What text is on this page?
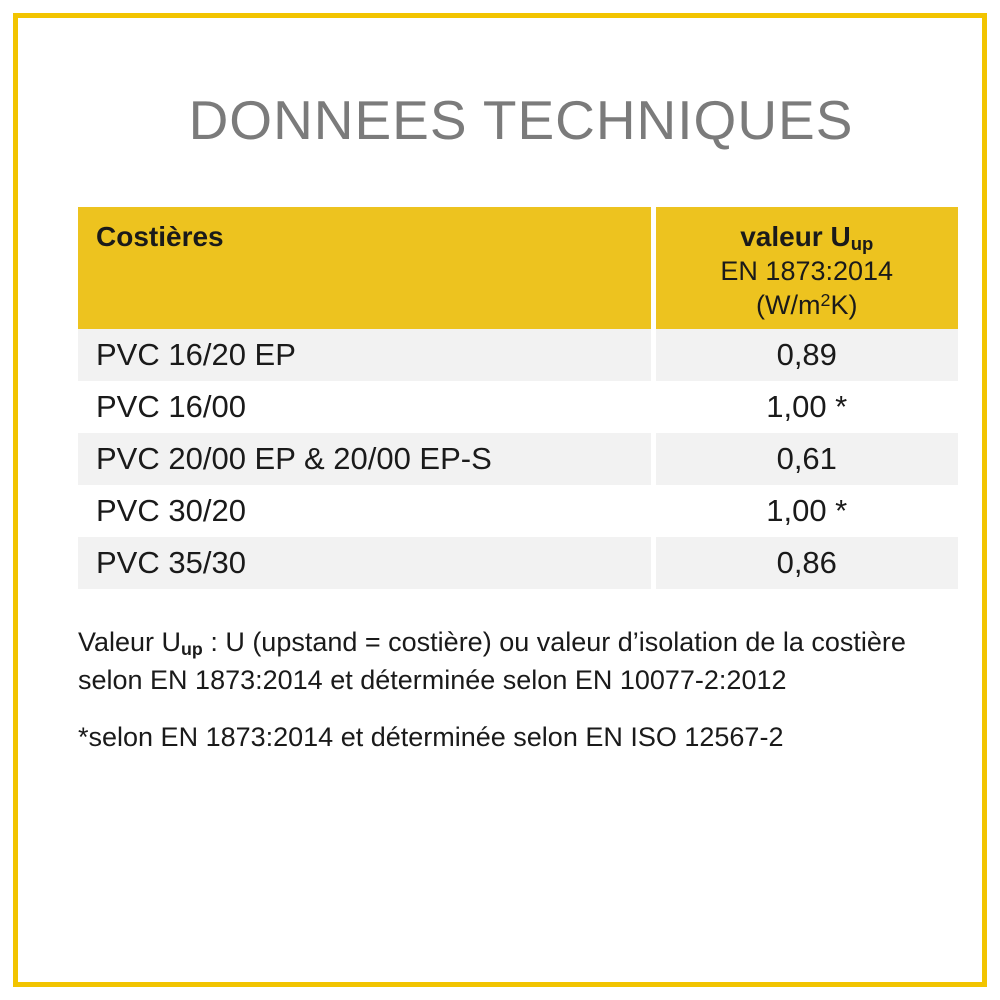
DONNEES TECHNIQUES
Costières	valeur $U_{up}$
EN 1873:2014
$(W/m^2K)$

PVC 16/20 EP	0,89
PVC 16/00	1,00 *
PVC 20/00 EP & 20/00 EP-S	0,61
PVC 30/20	1,00 *
PVC 35/30	0,86

Valeur $U_{up}$ : U (upstand = costière) ou valeur d’isolation de la costière selon EN 1873:2014 et déterminée selon EN 10077-2:2012

*selon EN 1873:2014 et déterminée selon EN ISO 12567-2
